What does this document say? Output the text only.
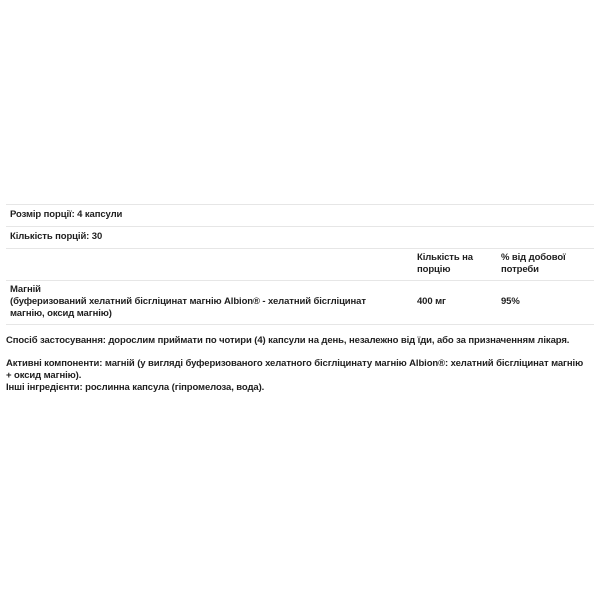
Розмір порції: 4 капсули
Кількість порцій: 30
Кількість на
порцію
% від добової
потреби
Магній
(буферизований хелатний бісгліцинат магнію Albion® - хелатний бісгліцинат
магнію, оксид магнію)
400 мг	95%
Спосіб застосування: дорослим приймати по чотири (4) капсули на день, незалежно від їди, або за призначенням лікаря.
Активні компоненти: магній (у вигляді буферизованого хелатного бісгліцинату магнію Albion®: хелатний бісгліцинат магнію
+ оксид магнію).
Інші інгредієнти: рослинна капсула (гіпромелоза, вода).
